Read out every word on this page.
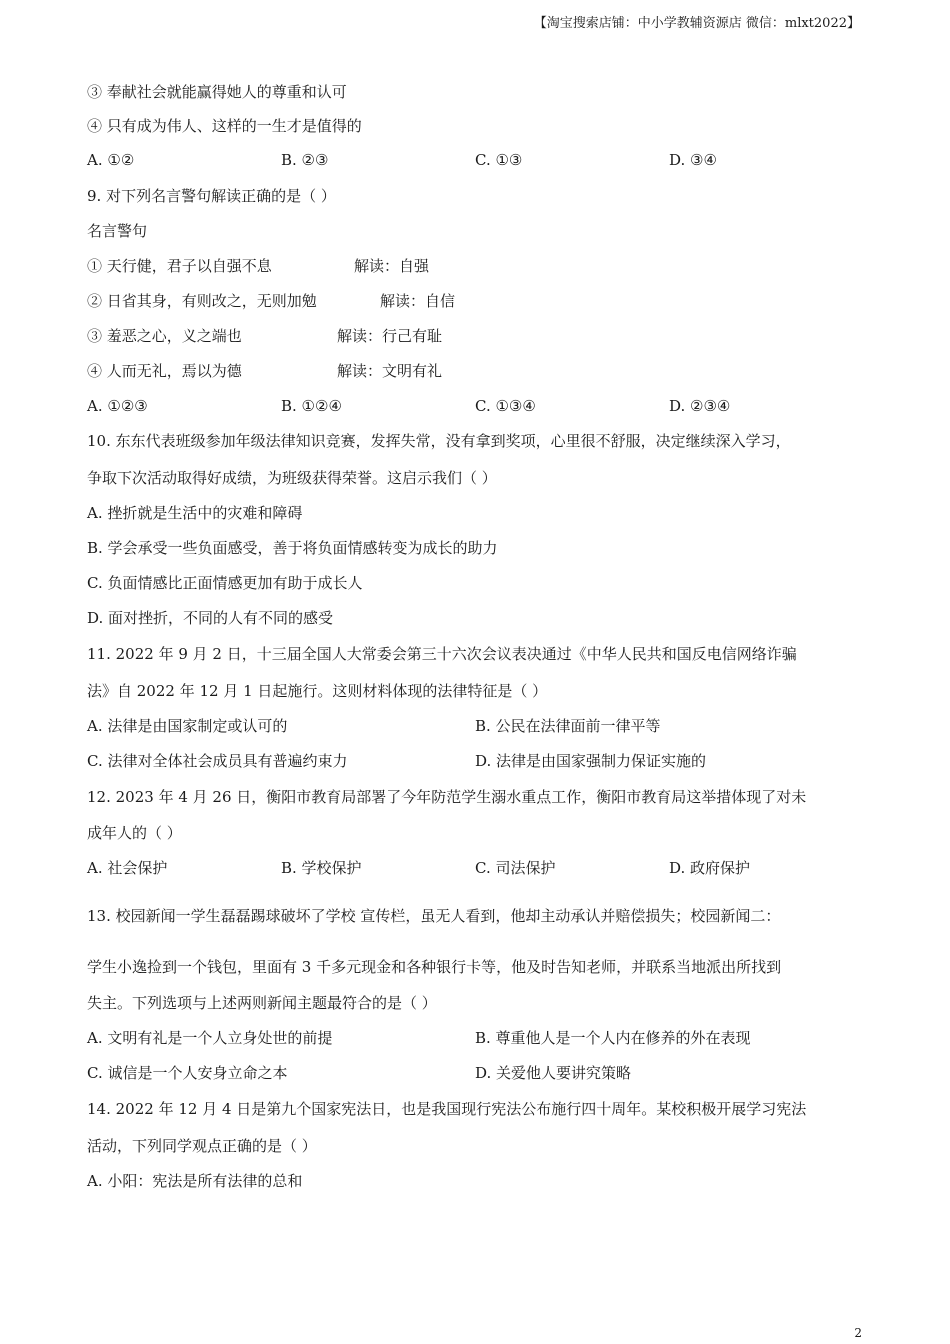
【淘宝搜索店铺：中小学教辅资源店 微信：mlxt2022】
③ 奉献社会就能赢得她人的尊重和认可
④ 只有成为伟人、这样的一生才是值得的
A. ①②	B. ②③	C. ①③	D. ③④
9. 对下列名言警句解读正确的是（ ）
名言警句
① 天行健，君子以自强不息	解读：自强
② 日省其身，有则改之，无则加勉	解读：自信
③ 羞恶之心，义之端也	解读：行己有耻
④ 人而无礼，焉以为德	解读：文明有礼
A. ①②③	B. ①②④	C. ①③④	D. ②③④
10. 东东代表班级参加年级法律知识竞赛，发挥失常，没有拿到奖项，心里很不舒服，决定继续深入学习，
争取下次活动取得好成绩，为班级获得荣誉。这启示我们（ ）
A. 挫折就是生活中的灾难和障碍
B. 学会承受一些负面感受，善于将负面情感转变为成长的助力
C. 负面情感比正面情感更加有助于成长人
D. 面对挫折，不同的人有不同的感受
11. 2022 年 9 月 2 日，十三届全国人大常委会第三十六次会议表决通过《中华人民共和国反电信网络诈骗
法》自 2022 年 12 月 1 日起施行。这则材料体现的法律特征是（ ）
A. 法律是由国家制定或认可的	B. 公民在法律面前一律平等
C. 法律对全体社会成员具有普遍约束力	D. 法律是由国家强制力保证实施的
12. 2023 年 4 月 26 日，衡阳市教育局部署了今年防范学生溺水重点工作，衡阳市教育局这举措体现了对未
成年人的（ ）
A. 社会保护	B. 学校保护	C. 司法保护	D. 政府保护
13. 校园新闻一学生磊磊踢球破坏了学校 宣传栏，虽无人看到，他却主动承认并赔偿损失；校园新闻二：
学生小逸捡到一个钱包，里面有 3 千多元现金和各种银行卡等，他及时告知老师，并联系当地派出所找到
失主。下列选项与上述两则新闻主题最符合的是（ ）
A. 文明有礼是一个人立身处世的前提	B. 尊重他人是一个人内在修养的外在表现
C. 诚信是一个人安身立命之本	D. 关爱他人要讲究策略
14. 2022 年 12 月 4 日是第九个国家宪法日，也是我国现行宪法公布施行四十周年。某校积极开展学习宪法
活动，下列同学观点正确的是（ ）
A. 小阳：宪法是所有法律的总和
2
